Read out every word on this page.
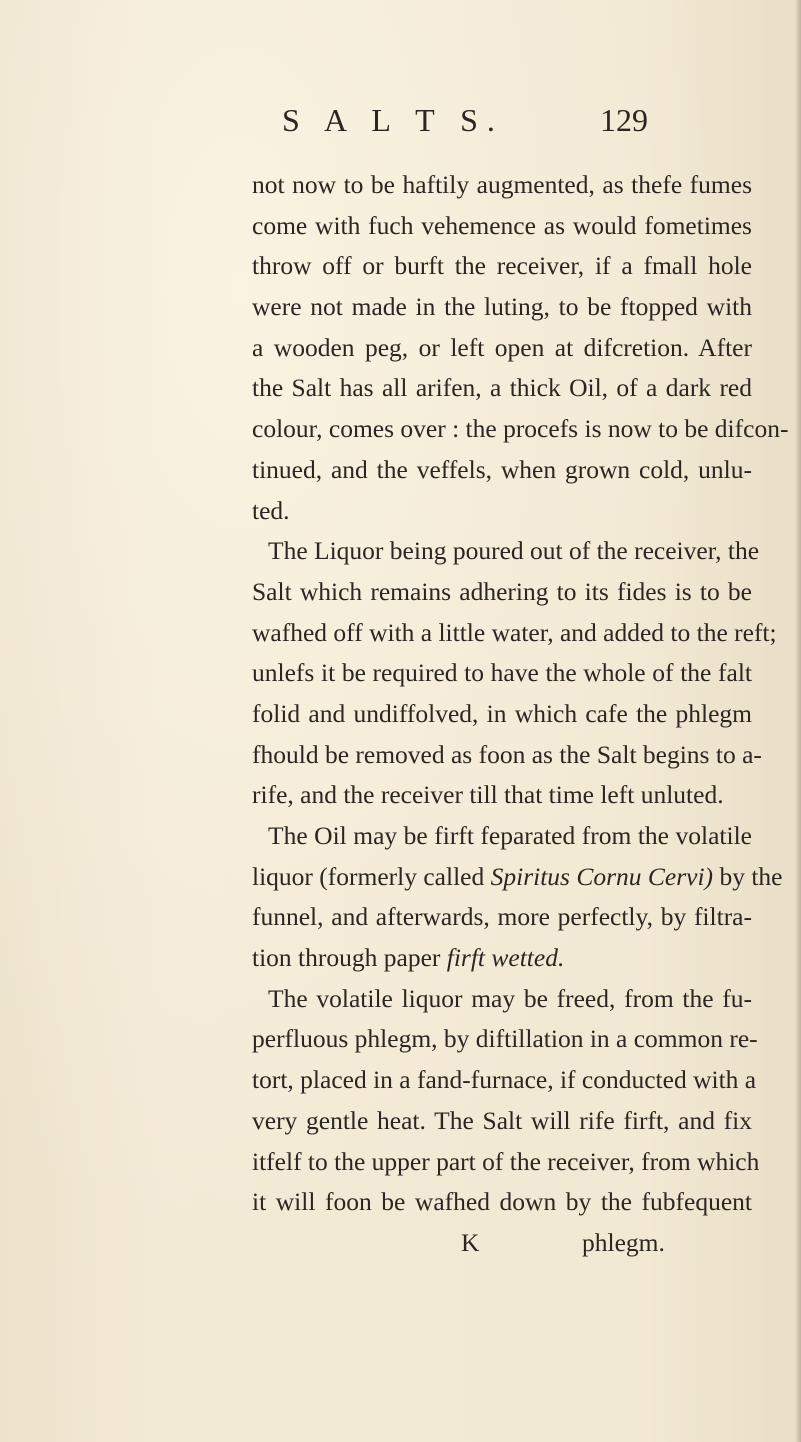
S A L T S.	129
not now to be haftily augmented, as thefe fumes
come with fuch vehemence as would fometimes
throw off or burft the receiver, if a fmall hole
were not made in the luting, to be ftopped with
a wooden peg, or left open at difcretion. After
the Salt has all arifen, a thick Oil, of a dark red
colour, comes over : the procefs is now to be difcon-
tinued, and the veffels, when grown cold, unlu-
ted.
The Liquor being poured out of the receiver, the
Salt which remains adhering to its fides is to be
wafhed off with a little water, and added to the reft;
unlefs it be required to have the whole of the falt
folid and undiffolved, in which cafe the phlegm
fhould be removed as foon as the Salt begins to a-
rife, and the receiver till that time left unluted.
The Oil may be firft feparated from the volatile
liquor (formerly called Spiritus Cornu Cervi) by the
funnel, and afterwards, more perfectly, by filtra-
tion through paper firft wetted.
The volatile liquor may be freed, from the fu-
perfluous phlegm, by diftillation in a common re-
tort, placed in a fand-furnace, if conducted with a
very gentle heat. The Salt will rife firft, and fix
itfelf to the upper part of the receiver, from which
it will foon be wafhed down by the fubfequent
K	phlegm.
